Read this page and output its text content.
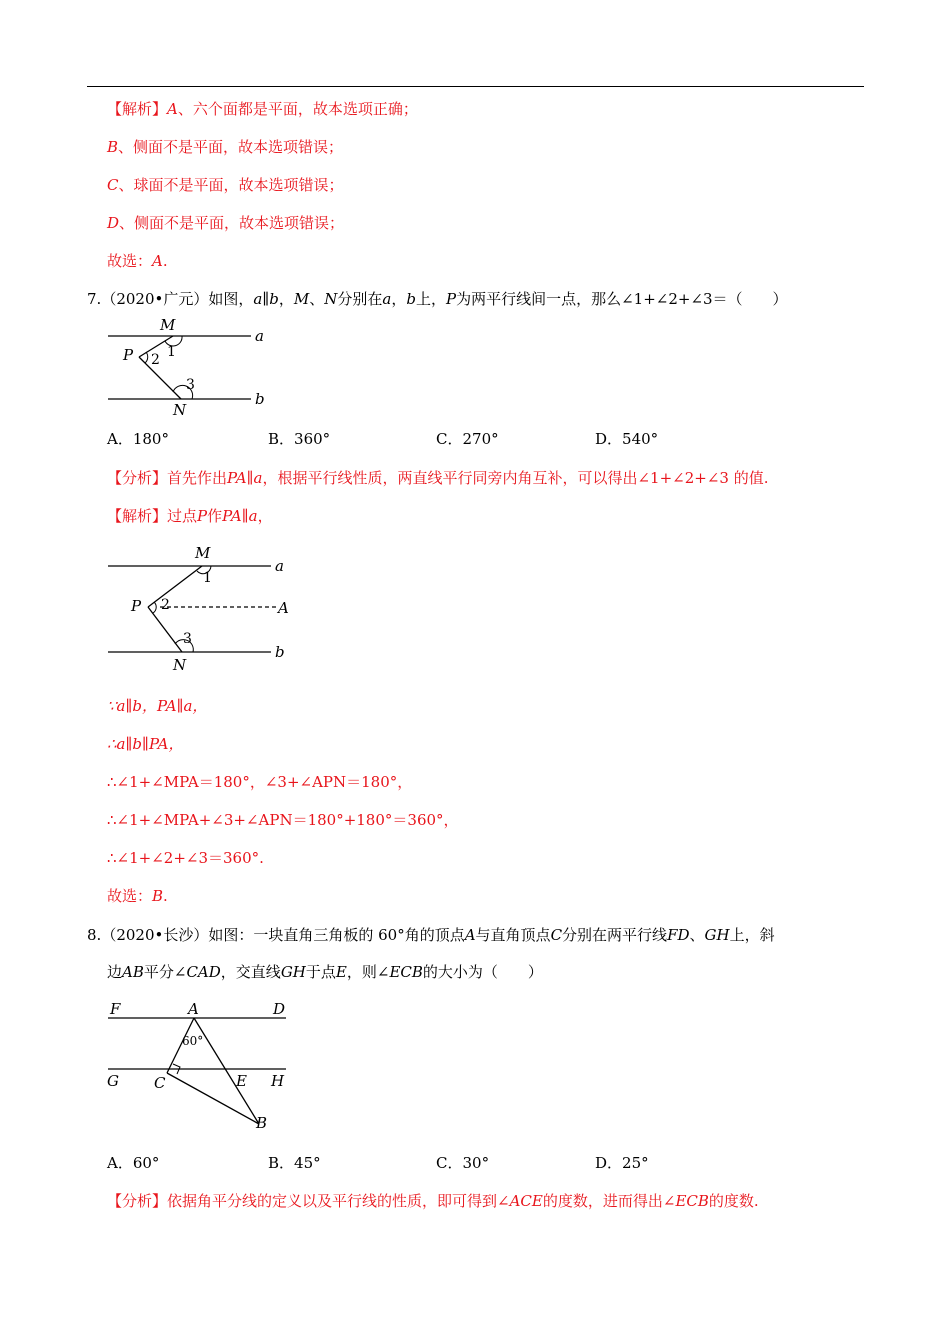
【解析】A、六个面都是平面，故本选项正确；
B、侧面不是平面，故本选项错误；
C、球面不是平面，故本选项错误；
D、侧面不是平面，故本选项错误；
故选：A.
7.（2020•广元）如图，a∥b，M、N分别在a，b上，P为两平行线间一点，那么∠1+∠2+∠3＝（　　）
M
P
N
a
b
1
2
3
A．180°	B．360°	C．270°	D．540°
【分析】首先作出PA∥a，根据平行线性质，两直线平行同旁内角互补，可以得出∠1+∠2+∠3 的值.
【解析】过点P作PA∥a，
M
P
N
A
a
b
1
2
3
∵a∥b，PA∥a，
∴a∥b∥PA，
∴∠1+∠MPA＝180°，∠3+∠APN＝180°，
∴∠1+∠MPA+∠3+∠APN＝180°+180°＝360°，
∴∠1+∠2+∠3＝360°.
故选：B.
8.（2020•长沙）如图：一块直角三角板的 60°角的顶点A与直角顶点C分别在两平行线FD、GH上，斜
边AB平分∠CAD，交直线GH于点E，则∠ECB的大小为（　　）
F	A	D
G C	E H
B
60°
A．60°	B．45°	C．30°	D．25°
【分析】依据角平分线的定义以及平行线的性质，即可得到∠ACE的度数，进而得出∠ECB的度数.
